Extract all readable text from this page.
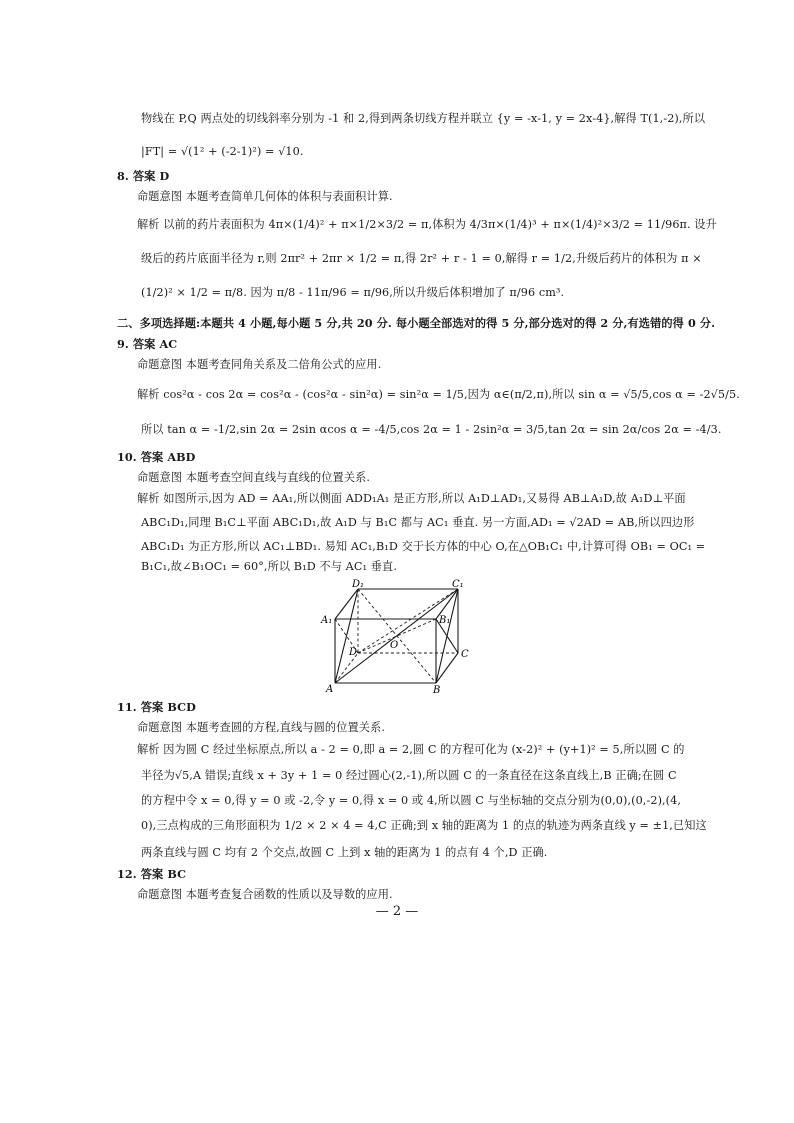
物线在 P,Q 两点处的切线斜率分别为 -1 和 2,得到两条切线方程并联立 {y = -x-1, y = 2x-4},解得 T(1,-2),所以
|FT| = √(1² + (-2-1)²) = √10.
8. 答案 D
命题意图 本题考查简单几何体的体积与表面积计算.
解析 以前的药片表面积为 4π×(1/4)² + π×1/2×3/2 = π,体积为 4/3π×(1/4)³ + π×(1/4)²×3/2 = 11/96π. 设升
级后的药片底面半径为 r,则 2πr² + 2πr × 1/2 = π,得 2r² + r - 1 = 0,解得 r = 1/2,升级后药片的体积为 π ×
(1/2)² × 1/2 = π/8. 因为 π/8 - 11π/96 = π/96,所以升级后体积增加了 π/96 cm³.
二、多项选择题:本题共 4 小题,每小题 5 分,共 20 分. 每小题全部选对的得 5 分,部分选对的得 2 分,有选错的得 0 分.
9. 答案 AC
命题意图 本题考查同角关系及二倍角公式的应用.
解析 cos²α - cos 2α = cos²α - (cos²α - sin²α) = sin²α = 1/5,因为 α∈(π/2,π),所以 sin α = √5/5,cos α = -2√5/5.
所以 tan α = -1/2,sin 2α = 2sin αcos α = -4/5,cos 2α = 1 - 2sin²α = 3/5,tan 2α = sin 2α/cos 2α = -4/3.
10. 答案 ABD
命题意图 本题考查空间直线与直线的位置关系.
解析 如图所示,因为 AD = AA₁,所以侧面 ADD₁A₁ 是正方形,所以 A₁D⊥AD₁,又易得 AB⊥A₁D,故 A₁D⊥平面
ABC₁D₁,同理 B₁C⊥平面 ABC₁D₁,故 A₁D 与 B₁C 都与 AC₁ 垂直. 另一方面,AD₁ = √2AD = AB,所以四边形
ABC₁D₁ 为正方形,所以 AC₁⊥BD₁. 易知 AC₁,B₁D 交于长方体的中心 O,在△OB₁C₁ 中,计算可得 OB₁ = OC₁ =
B₁C₁,故∠B₁OC₁ = 60°,所以 B₁D 不与 AC₁ 垂直.
D₁	C₁
A₁	B₁
D
O
C
A	B
11. 答案 BCD
命题意图 本题考查圆的方程,直线与圆的位置关系.
解析 因为圆 C 经过坐标原点,所以 a - 2 = 0,即 a = 2,圆 C 的方程可化为 (x-2)² + (y+1)² = 5,所以圆 C 的
半径为√5,A 错误;直线 x + 3y + 1 = 0 经过圆心(2,-1),所以圆 C 的一条直径在这条直线上,B 正确;在圆 C
的方程中令 x = 0,得 y = 0 或 -2,令 y = 0,得 x = 0 或 4,所以圆 C 与坐标轴的交点分别为(0,0),(0,-2),(4,
0),三点构成的三角形面积为 1/2 × 2 × 4 = 4,C 正确;到 x 轴的距离为 1 的点的轨迹为两条直线 y = ±1,已知这
两条直线与圆 C 均有 2 个交点,故圆 C 上到 x 轴的距离为 1 的点有 4 个,D 正确.
12. 答案 BC
命题意图 本题考查复合函数的性质以及导数的应用.
— 2 —
